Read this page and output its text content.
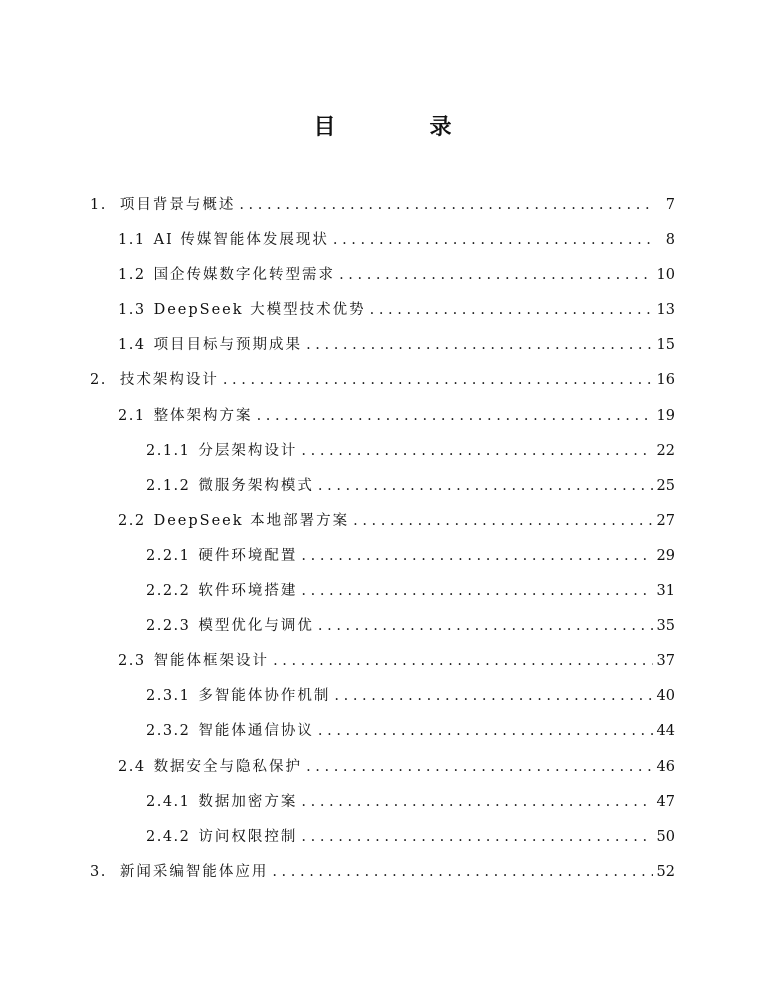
目　录
1. 项目背景与概述 . . .	7
1.1 AI 传媒智能体发展现状 . . .	8
1.2 国企传媒数字化转型需求 . . .	10
1.3 DeepSeek 大模型技术优势 . . .	13
1.4 项目目标与预期成果 . . .	15
2. 技术架构设计 . . .	16
2.1 整体架构方案 . . .	19
2.1.1 分层架构设计 . . .	22
2.1.2 微服务架构模式 . . .	25
2.2 DeepSeek 本地部署方案 . . .	27
2.2.1 硬件环境配置 . . .	29
2.2.2 软件环境搭建 . . .	31
2.2.3 模型优化与调优 . . .	35
2.3 智能体框架设计 . . .	37
2.3.1 多智能体协作机制 . . .	40
2.3.2 智能体通信协议 . . .	44
2.4 数据安全与隐私保护 . . .	46
2.4.1 数据加密方案 . . .	47
2.4.2 访问权限控制 . . .	50
3. 新闻采编智能体应用 . . .	52
